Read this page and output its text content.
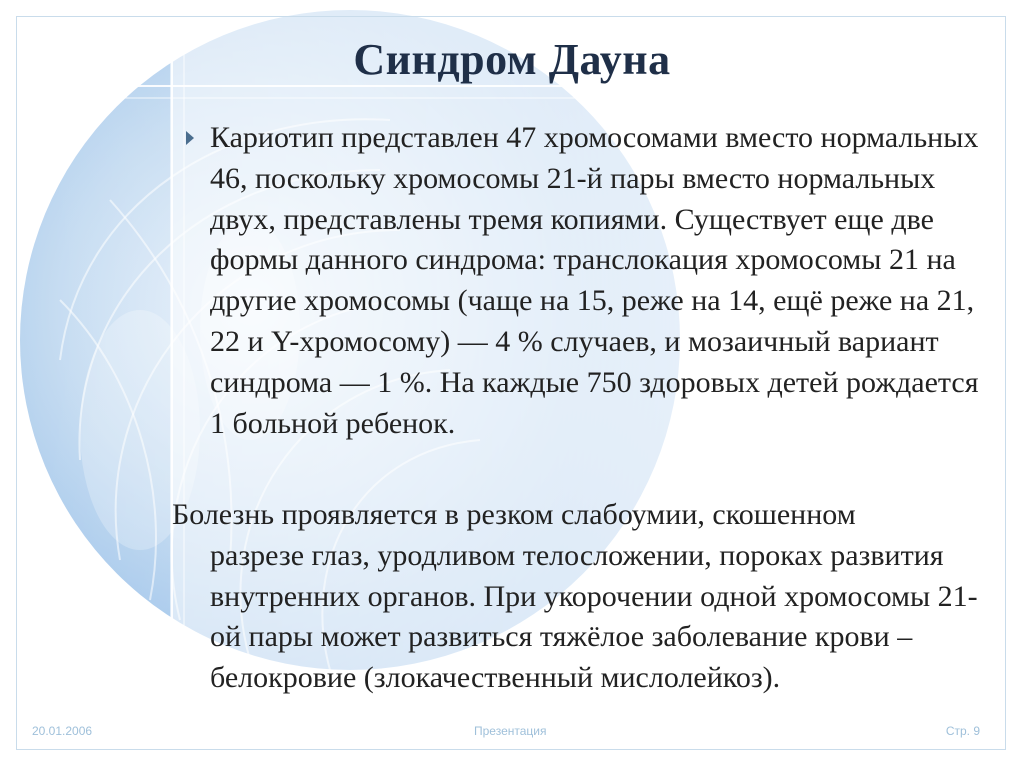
Синдром Дауна

Кариотип представлен 47 хромосомами вместо нормальных 46, поскольку хромосомы 21-й пары вместо нормальных двух, представлены тремя копиями. Существует еще две формы данного синдрома: транслокация хромосомы 21 на другие хромосомы (чаще на 15, реже на 14, ещё реже на 21, 22 и Y-хромосому) — 4 % случаев, и мозаичный вариант синдрома — 1 %. На каждые 750 здоровых детей рождается 1 больной ребенок.

Болезнь проявляется в резком слабоумии, скошенном
разрезе глаз, уродливом телосложении, пороках развития внутренних органов. При укорочении одной хромосомы 21-ой пары может развиться тяжёлое заболевание крови – белокровие (злокачественный мислолейкоз).

20.01.2006	Презентация	Стр. 9
